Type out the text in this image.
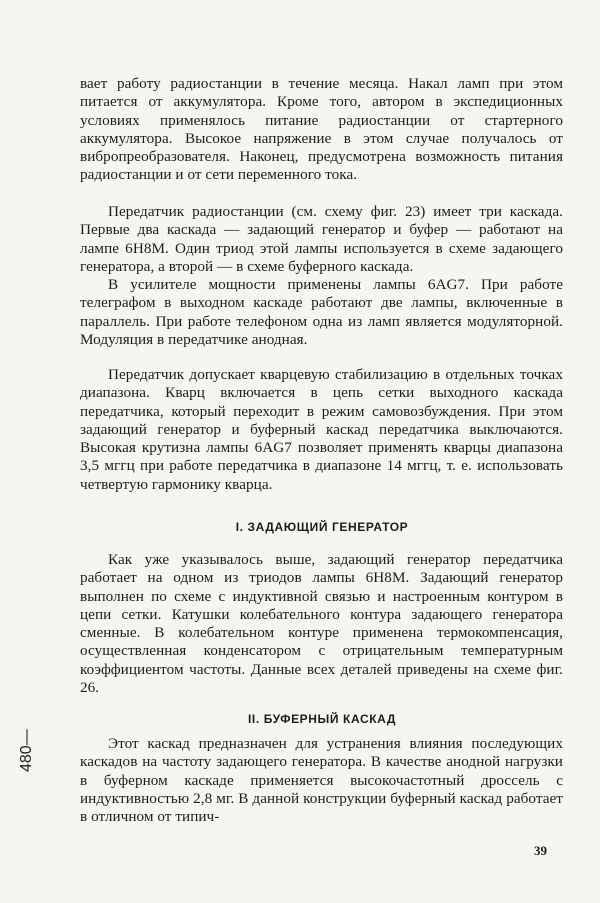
вает работу радиостанции в течение месяца. Накал ламп при этом питается от аккумулятора. Кроме того, автором в экспедиционных условиях применялось питание радиостанции от стартерного аккумулятора. Высокое напряжение в этом случае получалось от вибропреобразователя. Наконец, предусмотрена возможность питания радиостанции и от сети переменного тока.

Передатчик радиостанции (см. схему фиг. 23) имеет три каскада. Первые два каскада — задающий генератор и буфер — работают на лампе 6Н8М. Один триод этой лампы используется в схеме задающего генератора, а второй — в схеме буферного каскада.

В усилителе мощности применены лампы 6AG7. При работе телеграфом в выходном каскаде работают две лампы, включенные в параллель. При работе телефоном одна из ламп является модуляторной. Модуляция в передатчике анодная.

Передатчик допускает кварцевую стабилизацию в отдельных точках диапазона. Кварц включается в цепь сетки выходного каскада передатчика, который переходит в режим самовозбуждения. При этом задающий генератор и буферный каскад передатчика выключаются. Высокая крутизна лампы 6AG7 позволяет применять кварцы диапазона 3,5 мггц при работе передатчика в диапазоне 14 мггц, т. е. использовать четвертую гармонику кварца.

I. ЗАДАЮЩИЙ ГЕНЕРАТОР

Как уже указывалось выше, задающий генератор передатчика работает на одном из триодов лампы 6Н8М. Задающий генератор выполнен по схеме с индуктивной связью и настроенным контуром в цепи сетки. Катушки колебательного контура задающего генератора сменные. В колебательном контуре применена термокомпенсация, осуществленная конденсатором с отрицательным температурным коэффициентом частоты. Данные всех деталей приведены на схеме фиг. 26.

II. БУФЕРНЫЙ КАСКАД

Этот каскад предназначен для устранения влияния последующих каскадов на частоту задающего генератора. В качестве анодной нагрузки в буферном каскаде применяется высокочастотный дроссель с индуктивностью 2,8 мг. В данной конструкции буферный каскад работает в отличном от типич-

480—
39
